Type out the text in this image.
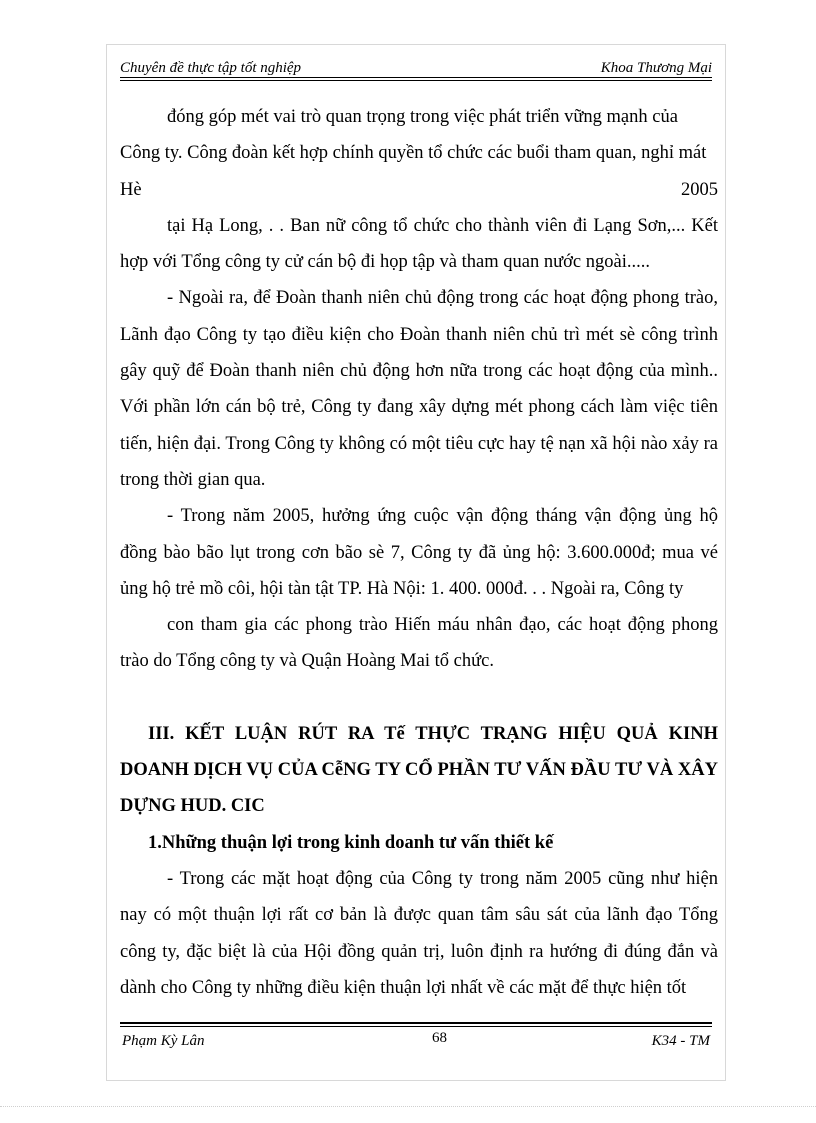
Chuyên đề thực tập tốt nghiệp	Khoa Thương Mại

đóng góp mét vai trò quan trọng trong việc phát triển vững mạnh của

Công ty. Công đoàn kết hợp chính quyền tổ chức các buổi tham quan, nghỉ mát

Hè 2005

tại Hạ Long, . . Ban nữ công tổ chức cho thành viên đi Lạng Sơn,... Kết hợp với Tổng công ty cử cán bộ đi họp tập và tham quan nước ngoài.....

- Ngoài ra, để Đoàn thanh niên chủ động trong các hoạt động phong trào, Lãnh đạo Công ty tạo điều kiện cho Đoàn thanh niên chủ trì mét sè công trình gây quỹ để Đoàn thanh niên chủ động hơn nữa trong các hoạt động của mình.. Với phần lớn cán bộ trẻ, Công ty đang xây dựng mét phong cách làm việc tiên tiến, hiện đại. Trong Công ty không có một tiêu cực hay tệ nạn xã hội nào xảy ra trong thời gian qua.

- Trong năm 2005, hưởng ứng cuộc vận động tháng vận động ủng hộ đồng bào bão lụt trong cơn bão sè 7, Công ty đã ủng hộ: 3.600.000đ; mua vé ủng hộ trẻ mồ côi, hội tàn tật TP. Hà Nội: 1. 400. 000đ. . . Ngoài ra, Công ty

con tham gia các phong trào Hiến máu nhân đạo, các hoạt động phong trào do Tổng công ty và Quận Hoàng Mai tổ chức.

III. KẾT LUẬN RÚT RA Tế THỰC TRẠNG HIỆU QUẢ KINH DOANH DỊCH VỤ CỦA CễNG TY CỔ PHẦN TƯ VẤN ĐẦU TƯ VÀ XÂY DỰNG HUD. CIC

1.Những thuận lợi trong kinh doanh tư vấn thiết kế

- Trong các mặt hoạt động của Công ty trong năm 2005 cũng như hiện nay có một thuận lợi rất cơ bản là được quan tâm sâu sát của lãnh đạo Tổng công ty, đặc biệt là của Hội đồng quản trị, luôn định ra hướng đi đúng đắn và dành cho Công ty những điều kiện thuận lợi nhất về các mặt để thực hiện tốt

Phạm Kỳ Lân	68	K34 - TM
